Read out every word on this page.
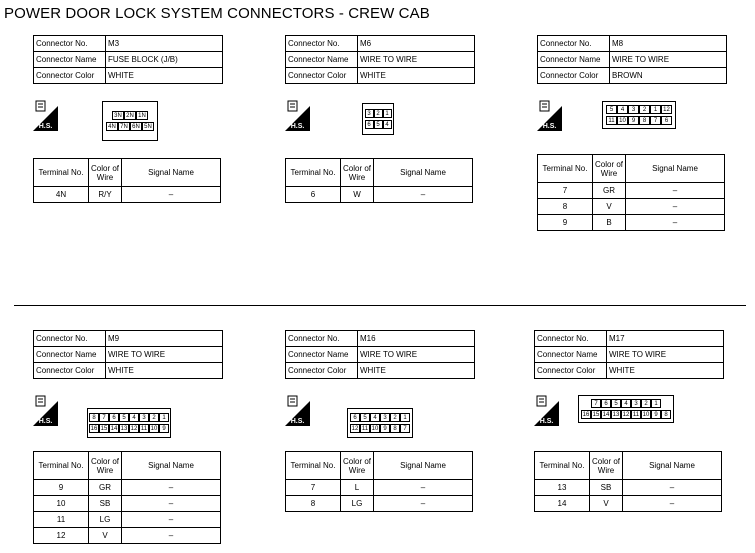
POWER DOOR LOCK SYSTEM CONNECTORS - CREW CAB
Connector No.	M3
Connector Name	FUSE BLOCK (J/B)
Connector Color	WHITE
H.S.
3N 2N 1N
4N 7N 6N 5N
Terminal No.	Color of Wire	Signal Name
4N	R/Y	–
Connector No.	M6
Connector Name	WIRE TO WIRE
Connector Color	WHITE
H.S.
3 2 1
6 5 4
Terminal No.	Color of Wire	Signal Name
6	W	–
Connector No.	M8
Connector Name	WIRE TO WIRE
Connector Color	BROWN
H.S.
5	4	3	2	1 12
11 10 9	8	7	6
Terminal No.	Color of Wire	Signal Name
7	GR	–
8	V	–
9	B	–
Connector No.	M9
Connector Name	WIRE TO WIRE
Connector Color	WHITE
H.S.	8	7	6	5	4	3	2	1
16 15 14 13 12 11 10 9
Terminal No.	Color of Wire	Signal Name
9	GR	–
10	SB	–
11	LG	–
12	V	–
Connector No.	M16
Connector Name	WIRE TO WIRE
Connector Color	WHITE
H.S.	6	5	4	3	2	1
12 11 10 9	8	7
Terminal No.	Color of Wire	Signal Name
7	L	–
8	LG	–
Connector No.	M17
Connector Name	WIRE TO WIRE
Connector Color	WHITE
H.S.
7	6	5	4	3	2	1
16 15 14 13 12 11 10 9	8
Terminal No.	Color of Wire	Signal Name
13	SB	–
14	V	–
